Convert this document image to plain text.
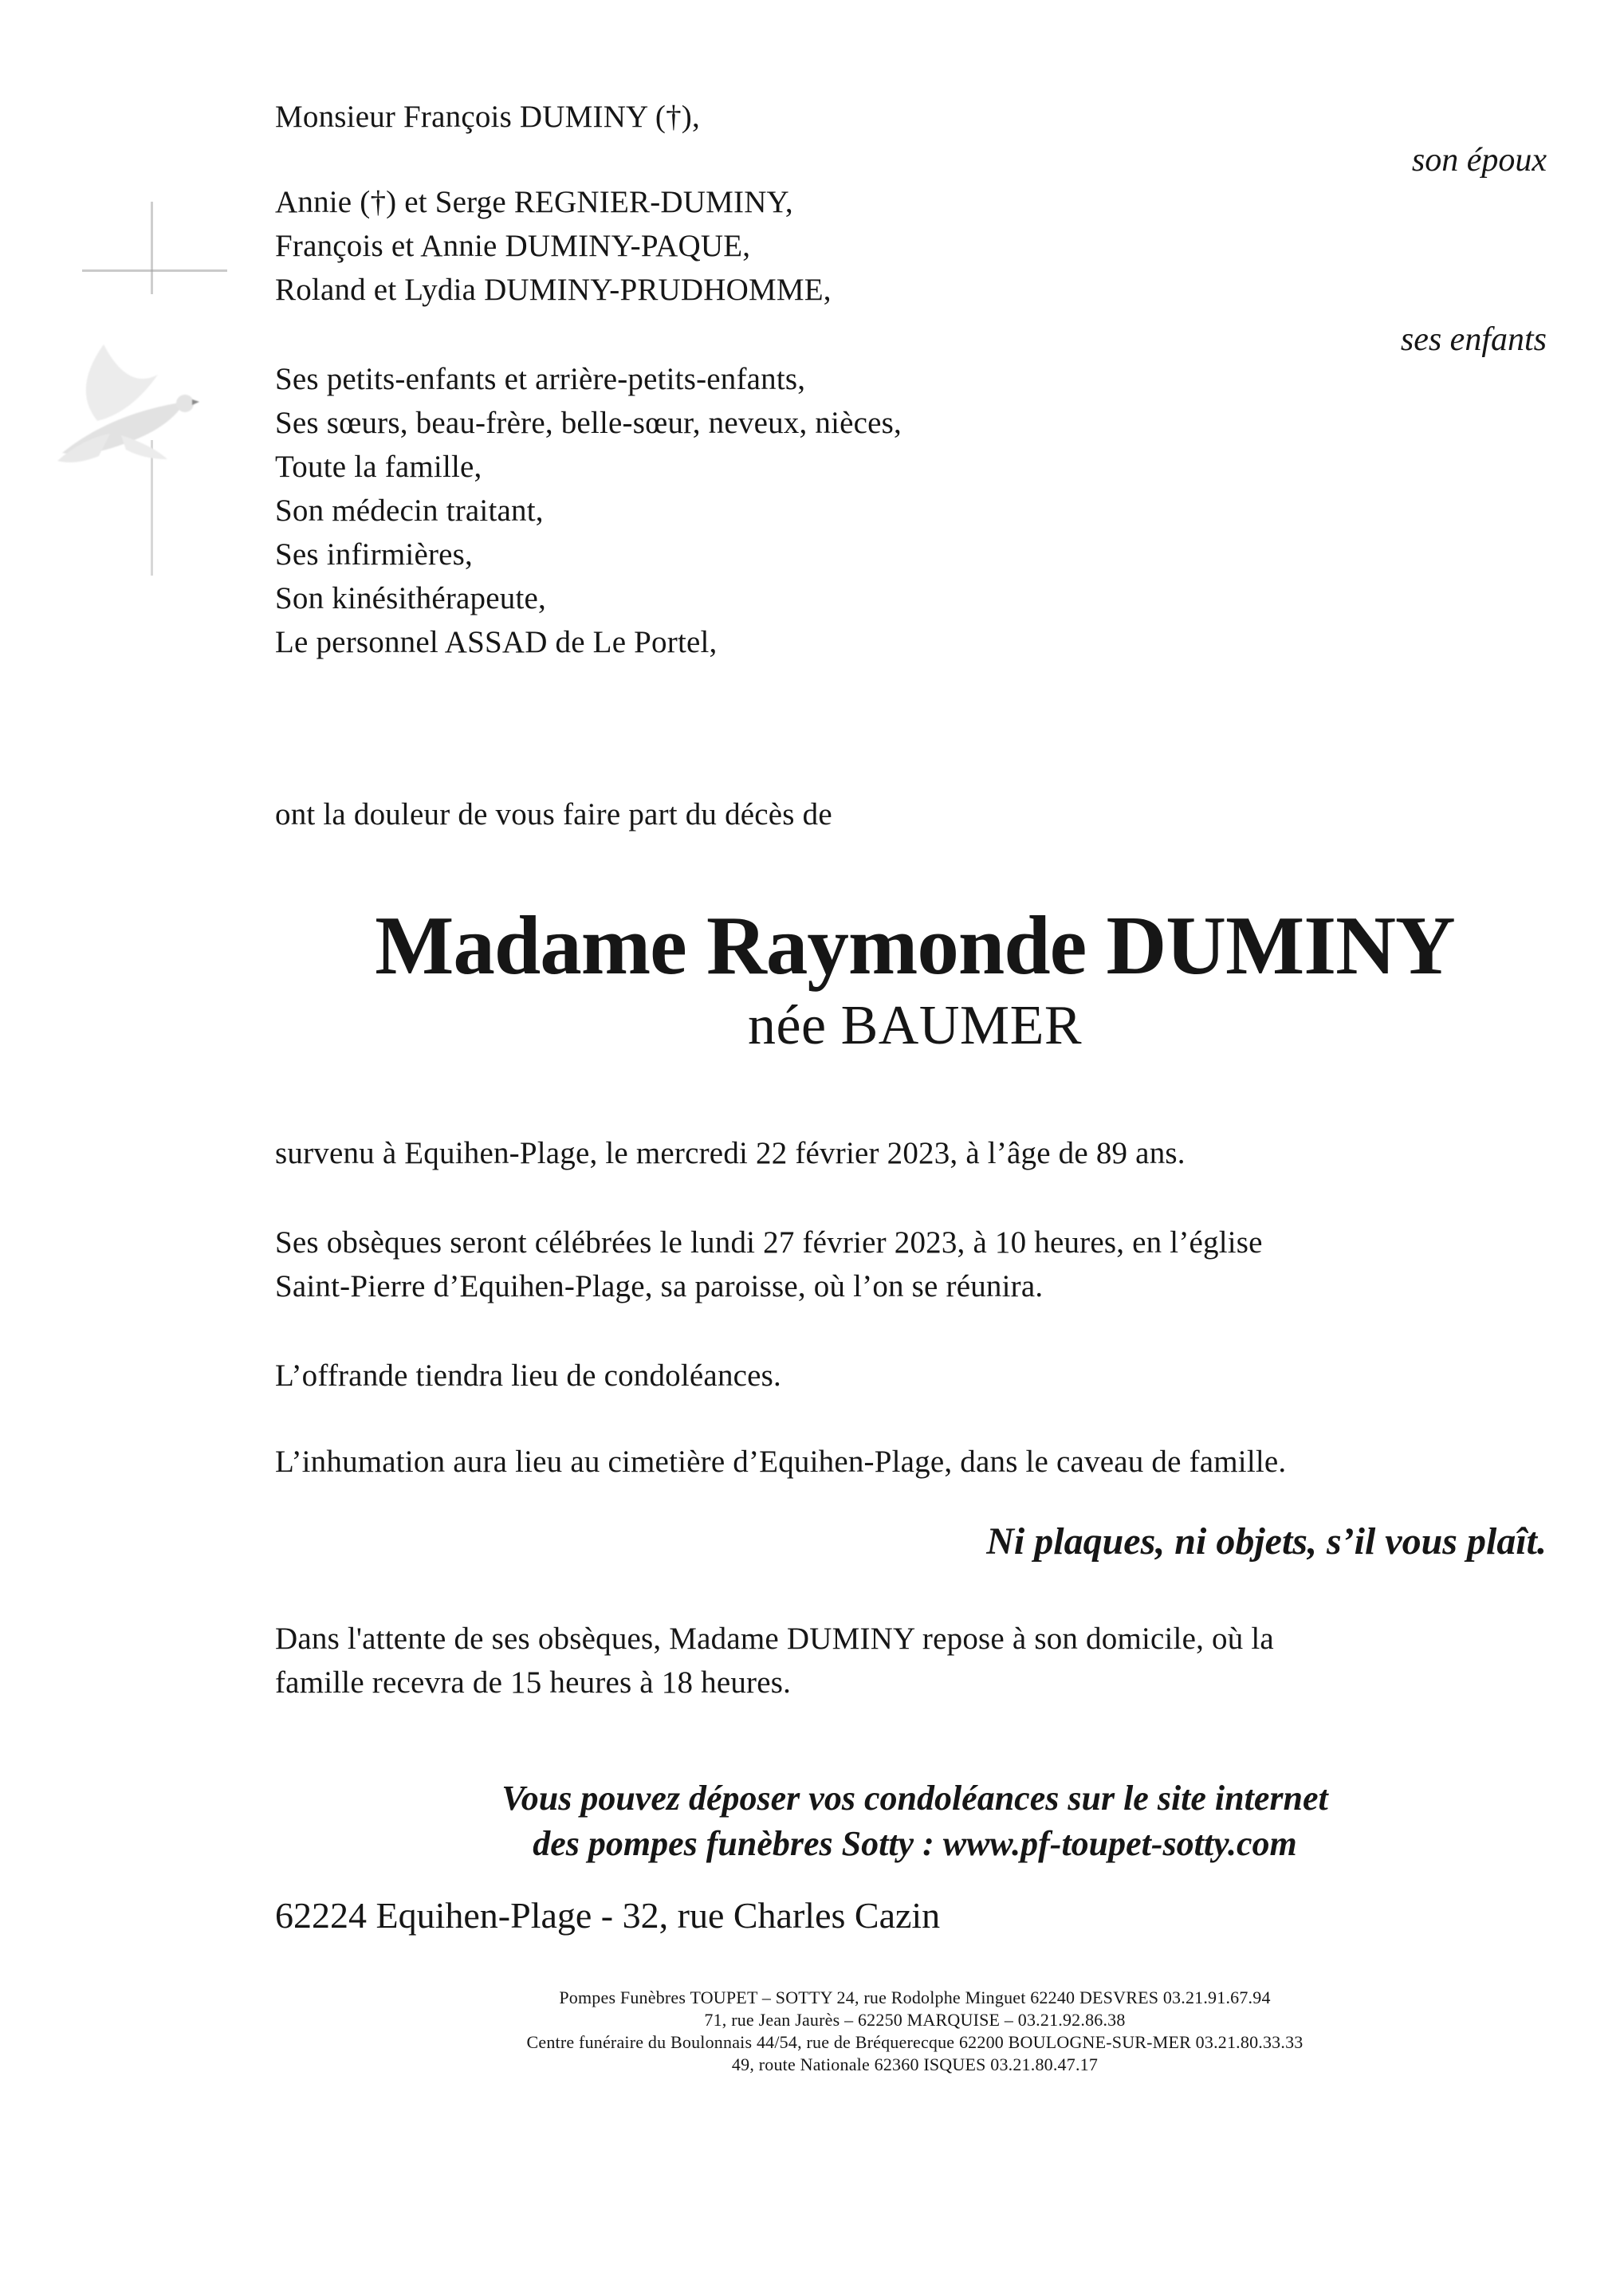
Monsieur François DUMINY (†),
son époux
Annie (†) et Serge REGNIER-DUMINY,
François et Annie DUMINY-PAQUE,
Roland et Lydia DUMINY-PRUDHOMME,
ses enfants
Ses petits-enfants et arrière-petits-enfants,
Ses sœurs, beau-frère, belle-sœur, neveux, nièces,
Toute la famille,
Son médecin traitant,
Ses infirmières,
Son kinésithérapeute,
Le personnel ASSAD de Le Portel,
ont la douleur de vous faire part du décès de
Madame Raymonde DUMINY
née BAUMER
survenu à Equihen-Plage, le mercredi 22 février 2023, à l’âge de 89 ans.
Ses obsèques seront célébrées le lundi 27 février 2023, à 10 heures, en l’église
Saint-Pierre d’Equihen-Plage, sa paroisse, où l’on se réunira.
L’offrande tiendra lieu de condoléances.
L’inhumation aura lieu au cimetière d’Equihen-Plage, dans le caveau de famille.
Ni plaques, ni objets, s’il vous plaît.
Dans l'attente de ses obsèques, Madame DUMINY repose à son domicile, où la
famille recevra de 15 heures à 18 heures.
Vous pouvez déposer vos condoléances sur le site internet
des pompes funèbres Sotty : www.pf-toupet-sotty.com
62224 Equihen-Plage - 32, rue Charles Cazin
Pompes Funèbres TOUPET – SOTTY 24, rue Rodolphe Minguet 62240 DESVRES 03.21.91.67.94
71, rue Jean Jaurès – 62250 MARQUISE – 03.21.92.86.38
Centre funéraire du Boulonnais 44/54, rue de Bréquerecque 62200 BOULOGNE-SUR-MER 03.21.80.33.33
49, route Nationale 62360 ISQUES 03.21.80.47.17
